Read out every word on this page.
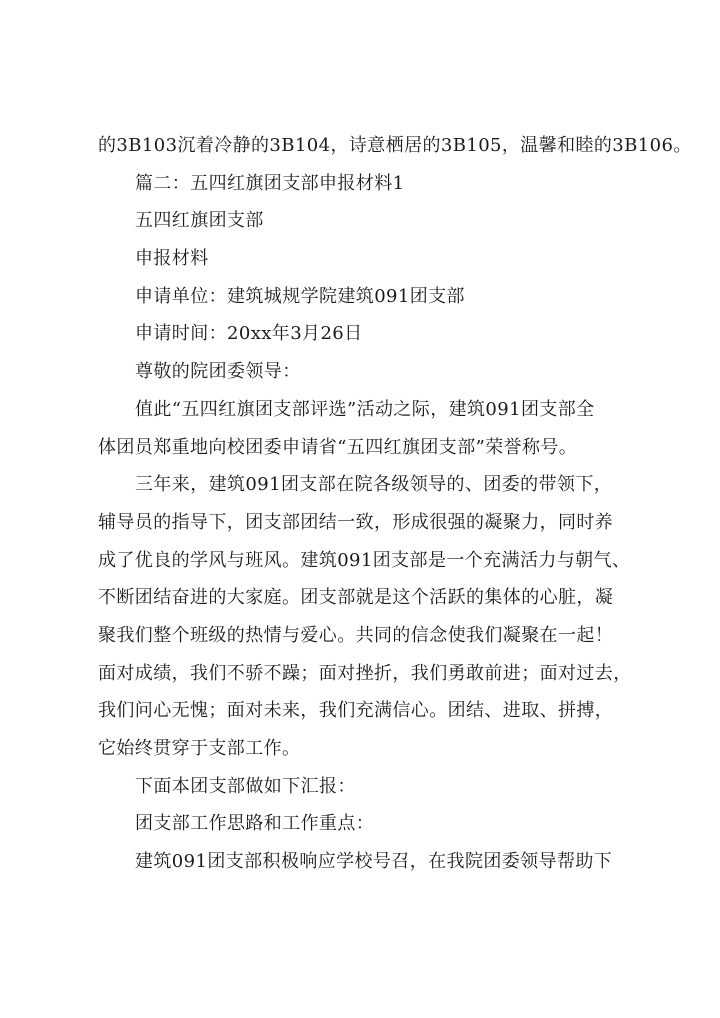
的3B103沉着冷静的3B104，诗意栖居的3B105，温馨和睦的3B106。
篇二：五四红旗团支部申报材料1
五四红旗团支部
申报材料
申请单位：建筑城规学院建筑091团支部
申请时间：20xx年3月26日
尊敬的院团委领导：
值此“五四红旗团支部评选”活动之际，建筑091团支部全
体团员郑重地向校团委申请省“五四红旗团支部”荣誉称号。
三年来，建筑091团支部在院各级领导的、团委的带领下，
辅导员的指导下，团支部团结一致，形成很强的凝聚力，同时养
成了优良的学风与班风。建筑091团支部是一个充满活力与朝气、
不断团结奋进的大家庭。团支部就是这个活跃的集体的心脏，凝
聚我们整个班级的热情与爱心。共同的信念使我们凝聚在一起！
面对成绩，我们不骄不躁；面对挫折，我们勇敢前进；面对过去，
我们问心无愧；面对未来，我们充满信心。团结、进取、拼搏，
它始终贯穿于支部工作。
下面本团支部做如下汇报：
团支部工作思路和工作重点：
建筑091团支部积极响应学校号召，在我院团委领导帮助下
